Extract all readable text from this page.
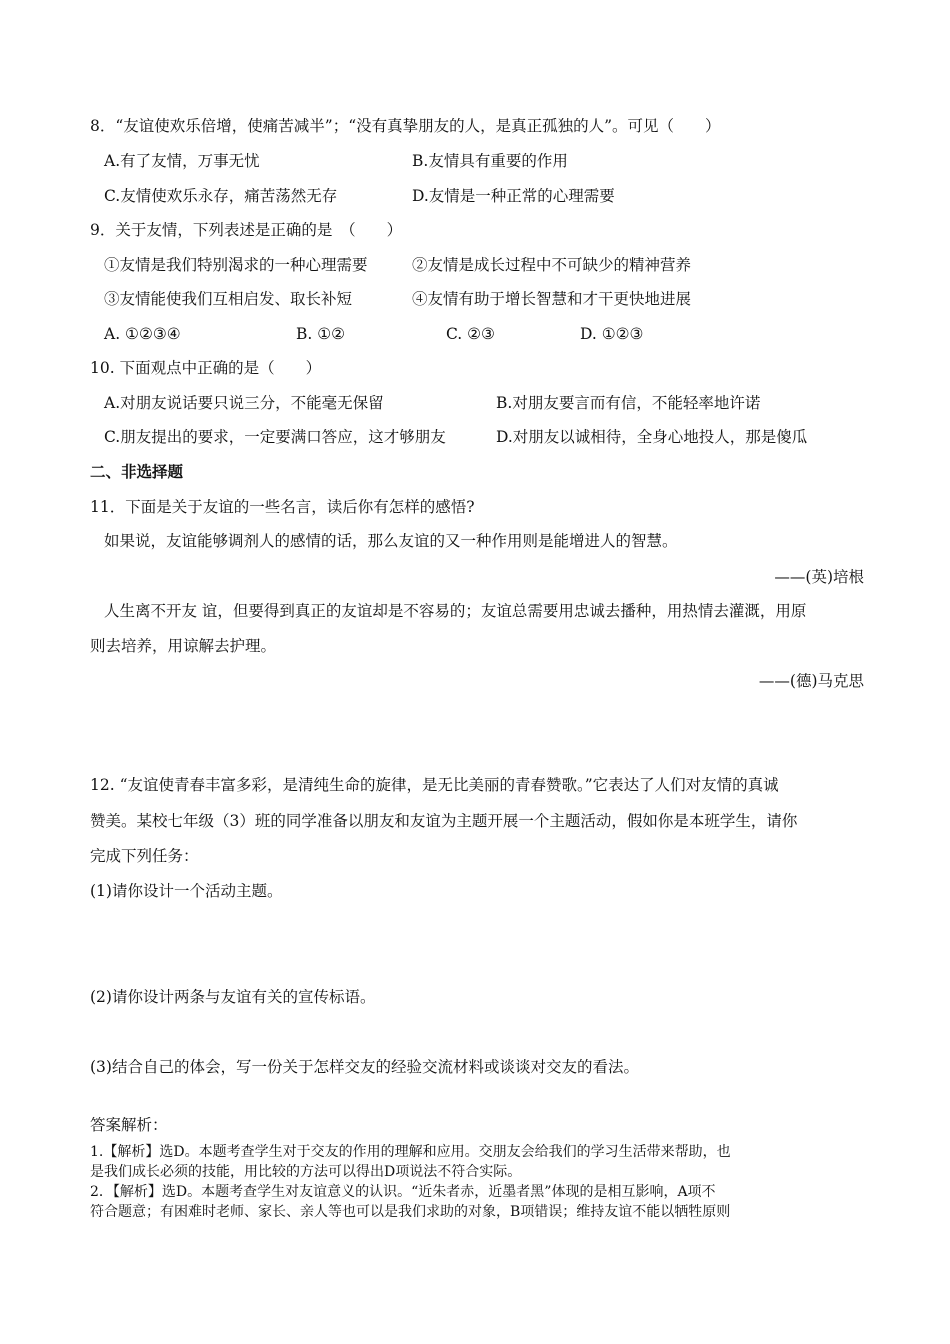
8．“友谊使欢乐倍增，使痛苦减半”；“没有真挚朋友的人，是真正孤独的人”。可见（　　）
A.有了友情，万事无忧	B.友情具有重要的作用
C.友情使欢乐永存，痛苦荡然无存	D.友情是一种正常的心理需要
9．关于友情，下列表述是正确的是　（　　）
①友情是我们特别渴求的一种心理需要	②友情是成长过程中不可缺少的精神营养
③友情能使我们互相启发、取长补短	④友情有助于增长智慧和才干更快地进展
A. ①②③④	B. ①②	C. ②③	D. ①②③
10. 下面观点中正确的是（　　）
A.对朋友说话要只说三分，不能毫无保留	B.对朋友要言而有信，不能轻率地许诺
C.朋友提出的要求，一定要满口答应，这才够朋友	D.对朋友以诚相待，全身心地投人，那是傻瓜
二、非选择题
11．下面是关于友谊的一些名言，读后你有怎样的感悟?
如果说，友谊能够调剂人的感情的话，那么友谊的又一种作用则是能增进人的智慧。
——(英)培根
人生离不开友 谊，但要得到真正的友谊却是不容易的；友谊总需要用忠诚去播种，用热情去灌溉，用原
则去培养，用谅解去护理。
——(德)马克思
12. “友谊使青春丰富多彩，是清纯生命的旋律，是无比美丽的青春赞歌。”它表达了人们对友情的真诚
赞美。某校七年级（3）班的同学准备以朋友和友谊为主题开展一个主题活动，假如你是本班学生，请你
完成下列任务：
(1)请你设计一个活动主题。
(2)请你设计两条与友谊有关的宣传标语。
(3)结合自己的体会，写一份关于怎样交友的经验交流材料或谈谈对交友的看法。
答案解析：
1.【解析】选D。本题考查学生对于交友的作用的理解和应用。交朋友会给我们的学习生活带来帮助，也
是我们成长必须的技能，用比较的方法可以得出D项说法不符合实际。
2．【解析】选D。本题考查学生对友谊意义的认识。“近朱者赤，近墨者黑”体现的是相互影响，A项不
符合题意；有困难时老师、家长、亲人等也可以是我们求助的对象，B项错误；维持友谊不能以牺牲原则
